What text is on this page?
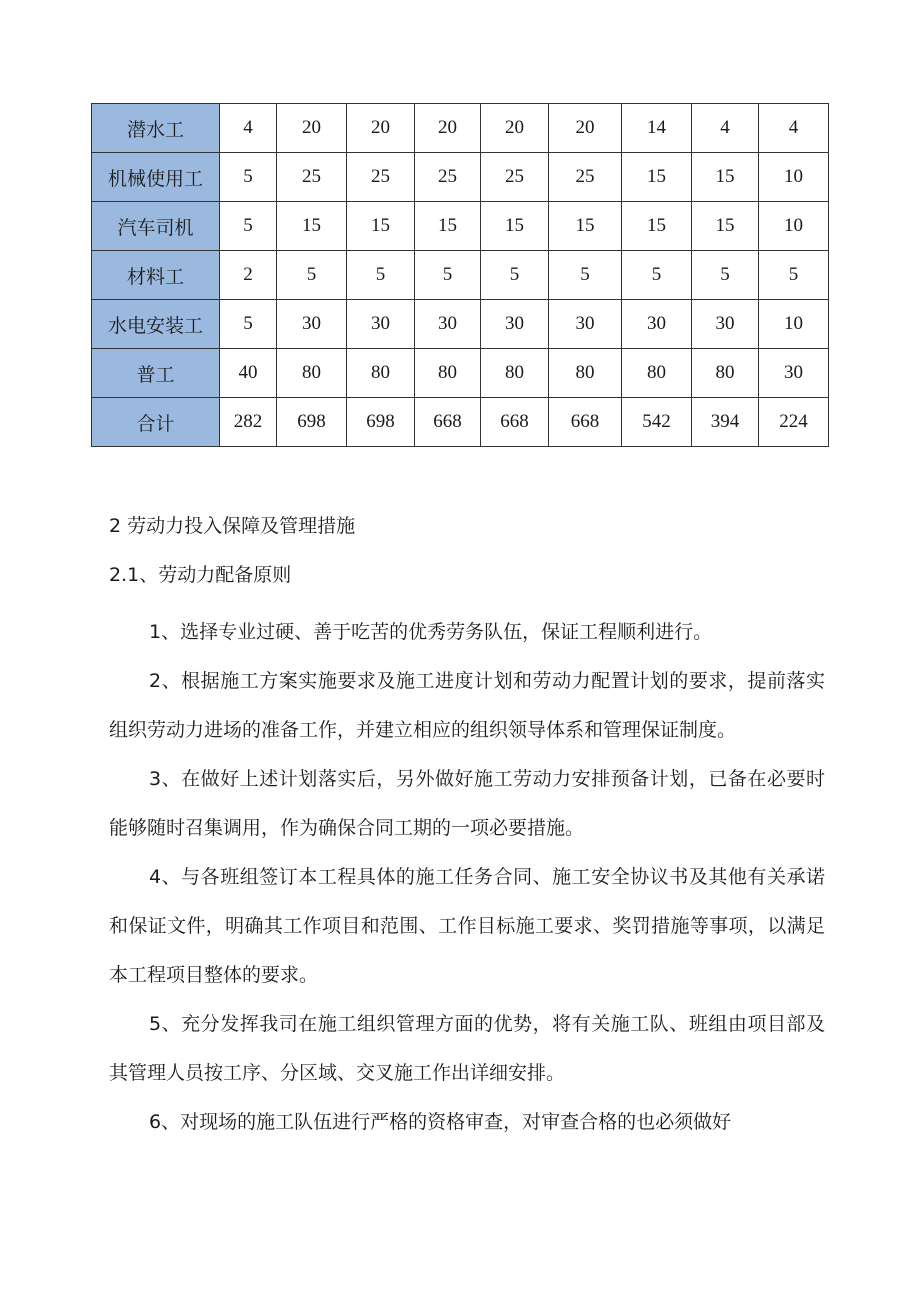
潜水工	4	20	20	20	20	20	14	4	4
机械使用工	5	25	25	25	25	25	15	15	10
汽车司机	5	15	15	15	15	15	15	15	10
材料工	2	5	5	5	5	5	5	5	5
水电安装工	5	30	30	30	30	30	30	30	10
普工	40	80	80	80	80	80	80	80	30
合计	282	698	698	668	668	668	542	394	224

2 劳动力投入保障及管理措施

2.1、劳动力配备原则

1、选择专业过硬、善于吃苦的优秀劳务队伍，保证工程顺利进行。

2、根据施工方案实施要求及施工进度计划和劳动力配置计划的要求，提前落实组织劳动力进场的准备工作，并建立相应的组织领导体系和管理保证制度。

3、在做好上述计划落实后，另外做好施工劳动力安排预备计划，已备在必要时能够随时召集调用，作为确保合同工期的一项必要措施。

4、与各班组签订本工程具体的施工任务合同、施工安全协议书及其他有关承诺和保证文件，明确其工作项目和范围、工作目标施工要求、奖罚措施等事项，以满足本工程项目整体的要求。

5、充分发挥我司在施工组织管理方面的优势，将有关施工队、班组由项目部及其管理人员按工序、分区域、交叉施工作出详细安排。

6、对现场的施工队伍进行严格的资格审查，对审查合格的也必须做好
